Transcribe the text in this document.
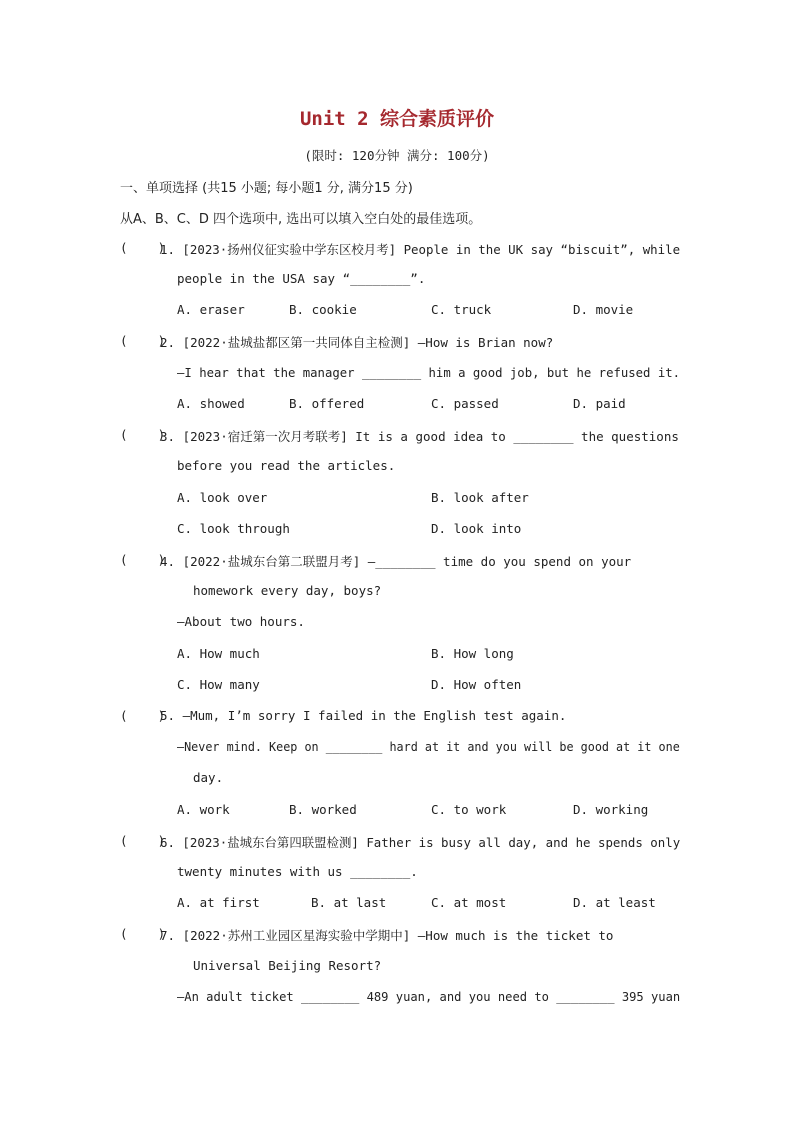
Unit 2 综合素质评价
(限时: 120分钟 满分: 100分)
一、单项选择 (共15 小题; 每小题1 分, 满分15 分)
从A、B、C、D 四个选项中, 选出可以填入空白处的最佳选项。
(    )
1. [2023·扬州仪征实验中学东区校月考] People in the UK say “biscuit”, while
people in the USA say “________”.
A. eraser	B. cookie	C. truck	D. movie
(    )
2. [2022·盐城盐都区第一共同体自主检测] —How is Brian now?
—I hear that the manager ________ him a good job, but he refused it.
A. showed	B. offered	C. passed	D. paid
(    )
3. [2023·宿迁第一次月考联考] It is a good idea to ________ the questions
before you read the articles.
A. look over	B. look after
C. look through	D. look into
(    )
4. [2022·盐城东台第二联盟月考] —________ time do you spend on your
homework every day, boys?
—About two hours.
A. How much	B. How long
C. How many	D. How often
(    )
5. —Mum, I’m sorry I failed in the English test again.
—Never mind. Keep on ________ hard at it and you will be good at it one
day.
A. work	B. worked	C. to work	D. working
(    )
6. [2023·盐城东台第四联盟检测] Father is busy all day, and he spends only
twenty minutes with us ________.
A. at first	B. at last	C. at most	D. at least
(    )
7. [2022·苏州工业园区星海实验中学期中] —How much is the ticket to
Universal Beijing Resort?
—An adult ticket ________ 489 yuan, and you need to ________ 395 yuan
